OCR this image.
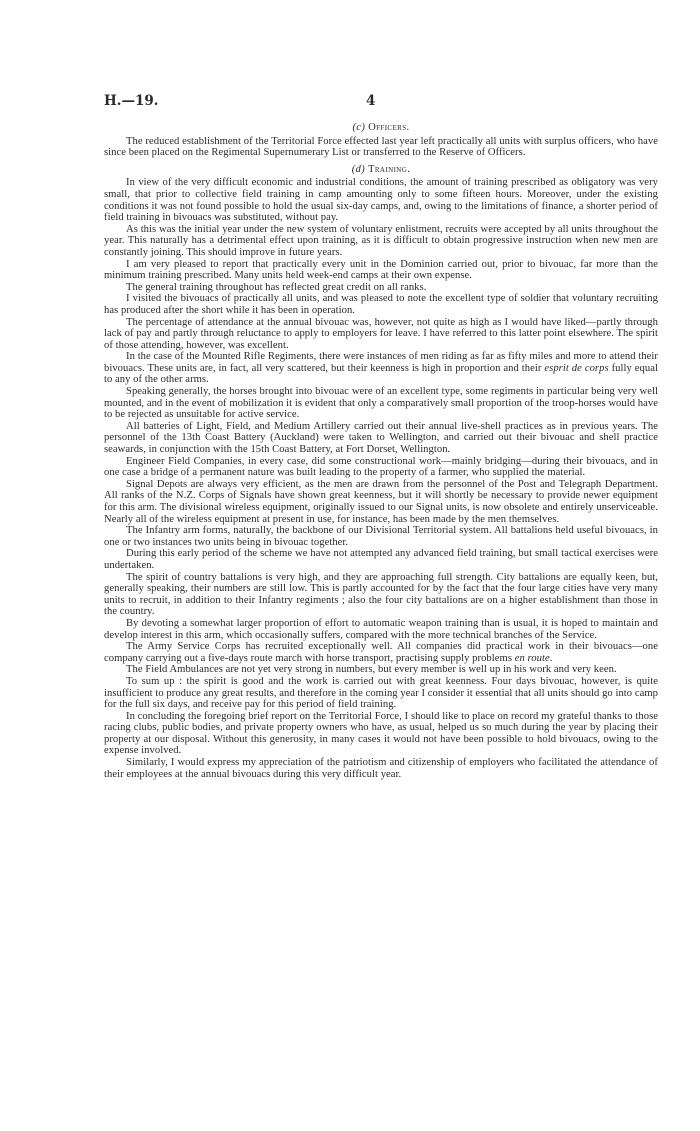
H.—19.	4
(c) Officers.

The reduced establishment of the Territorial Force effected last year left practically all units with surplus officers, who have since been placed on the Regimental Supernumerary List or transferred to the Reserve of Officers.

(d) Training.

In view of the very difficult economic and industrial conditions, the amount of training prescribed as obligatory was very small, that prior to collective field training in camp amounting only to some fifteen hours. Moreover, under the existing conditions it was not found possible to hold the usual six-day camps, and, owing to the limitations of finance, a shorter period of field training in bivouacs was substituted, without pay.

As this was the initial year under the new system of voluntary enlistment, recruits were accepted by all units throughout the year. This naturally has a detrimental effect upon training, as it is difficult to obtain progressive instruction when new men are constantly joining. This should improve in future years.

I am very pleased to report that practically every unit in the Dominion carried out, prior to bivouac, far more than the minimum training prescribed. Many units held week-end camps at their own expense.

The general training throughout has reflected great credit on all ranks.

I visited the bivouacs of practically all units, and was pleased to note the excellent type of soldier that voluntary recruiting has produced after the short while it has been in operation.

The percentage of attendance at the annual bivouac was, however, not quite as high as I would have liked—partly through lack of pay and partly through reluctance to apply to employers for leave. I have referred to this latter point elsewhere. The spirit of those attending, however, was excellent.

In the case of the Mounted Rifle Regiments, there were instances of men riding as far as fifty miles and more to attend their bivouacs. These units are, in fact, all very scattered, but their keenness is high in proportion and their esprit de corps fully equal to any of the other arms.

Speaking generally, the horses brought into bivouac were of an excellent type, some regiments in particular being very well mounted, and in the event of mobilization it is evident that only a comparatively small proportion of the troop-horses would have to be rejected as unsuitable for active service.

All batteries of Light, Field, and Medium Artillery carried out their annual live-shell practices as in previous years. The personnel of the 13th Coast Battery (Auckland) were taken to Wellington, and carried out their bivouac and shell practice seawards, in conjunction with the 15th Coast Battery, at Fort Dorset, Wellington.

Engineer Field Companies, in every case, did some constructional work—mainly bridging—during their bivouacs, and in one case a bridge of a permanent nature was built leading to the property of a farmer, who supplied the material.

Signal Depots are always very efficient, as the men are drawn from the personnel of the Post and Telegraph Department. All ranks of the N.Z. Corps of Signals have shown great keenness, but it will shortly be necessary to provide newer equipment for this arm. The divisional wireless equipment, originally issued to our Signal units, is now obsolete and entirely unserviceable. Nearly all of the wireless equipment at present in use, for instance, has been made by the men themselves.

The Infantry arm forms, naturally, the backbone of our Divisional Territorial system. All battalions held useful bivouacs, in one or two instances two units being in bivouac together.

During this early period of the scheme we have not attempted any advanced field training, but small tactical exercises were undertaken.

The spirit of country battalions is very high, and they are approaching full strength. City battalions are equally keen, but, generally speaking, their numbers are still low. This is partly accounted for by the fact that the four large cities have very many units to recruit, in addition to their Infantry regiments ; also the four city battalions are on a higher establishment than those in the country.

By devoting a somewhat larger proportion of effort to automatic weapon training than is usual, it is hoped to maintain and develop interest in this arm, which occasionally suffers, compared with the more technical branches of the Service.

The Army Service Corps has recruited exceptionally well. All companies did practical work in their bivouacs—one company carrying out a five-days route march with horse transport, practising supply problems en route.

The Field Ambulances are not yet very strong in numbers, but every member is well up in his work and very keen.

To sum up : the spirit is good and the work is carried out with great keenness. Four days bivouac, however, is quite insufficient to produce any great results, and therefore in the coming year I consider it essential that all units should go into camp for the full six days, and receive pay for this period of field training.

In concluding the foregoing brief report on the Territorial Force, I should like to place on record my grateful thanks to those racing clubs, public bodies, and private property owners who have, as usual, helped us so much during the year by placing their property at our disposal. Without this generosity, in many cases it would not have been possible to hold bivouacs, owing to the expense involved.

Similarly, I would express my appreciation of the patriotism and citizenship of employers who facilitated the attendance of their employees at the annual bivouacs during this very difficult year.
